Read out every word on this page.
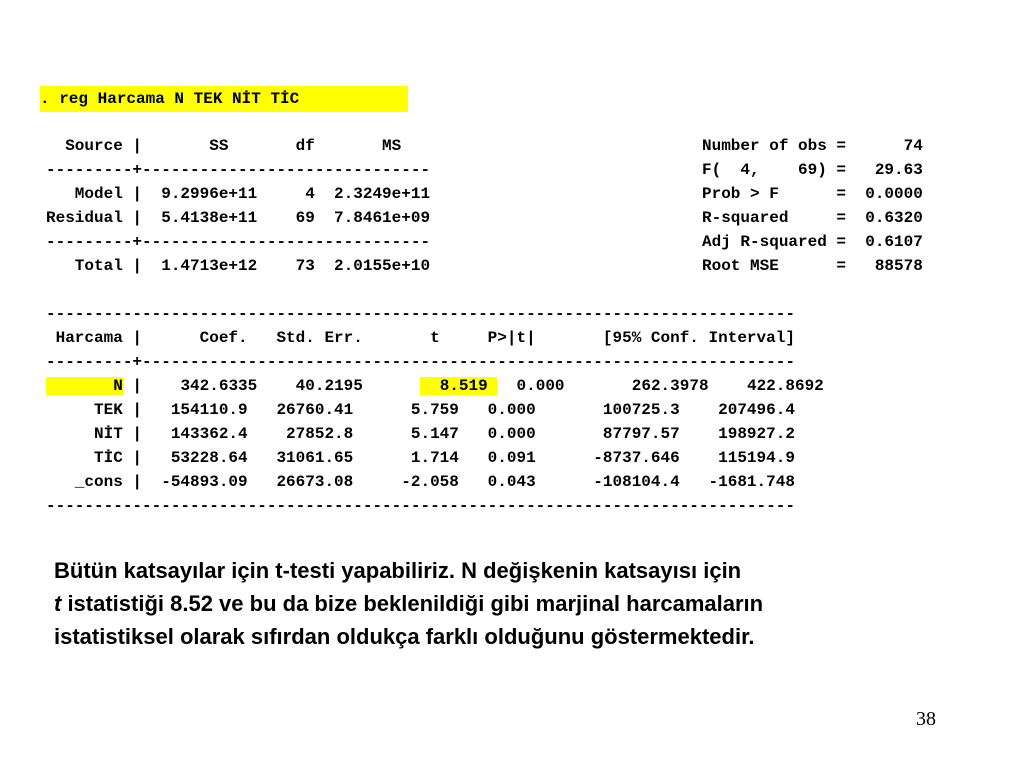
. reg Harcama N TEK NİT TİC
Source |       SS       df       MS
---------+------------------------------
Model |  9.2996e+11     4  2.3249e+11
Residual |  5.4138e+11    69  7.8461e+09
---------+------------------------------
Total |  1.4713e+12    73  2.0155e+10
Number of obs =      74
F(  4,    69) =   29.63
Prob > F      =  0.0000
R-squared     =  0.6320
Adj R-squared =  0.6107
Root MSE      =   88578
------------------------------------------------------------------------------
Harcama |      Coef.   Std. Err.       t     P>|t|       [95% Conf. Interval]
---------+--------------------------------------------------------------------
N |    342.6335 40.2195	8.519 0.000	262.3978 422.8692
TEK |   154110.9   26760.41      5.759   0.000       100725.3    207496.4
NİT |   143362.4    27852.8      5.147   0.000       87797.57    198927.2
TİC |   53228.64   31061.65      1.714   0.091      -8737.646    115194.9
_cons |  -54893.09   26673.08     -2.058   0.043      -108104.4   -1681.748
------------------------------------------------------------------------------
Bütün katsayılar için t-testi yapabiliriz. N değişkenin katsayısı için
t istatistiği 8.52 ve bu da bize beklenildiği gibi marjinal harcamaların
istatistiksel olarak sıfırdan oldukça farklı olduğunu göstermektedir.
38
